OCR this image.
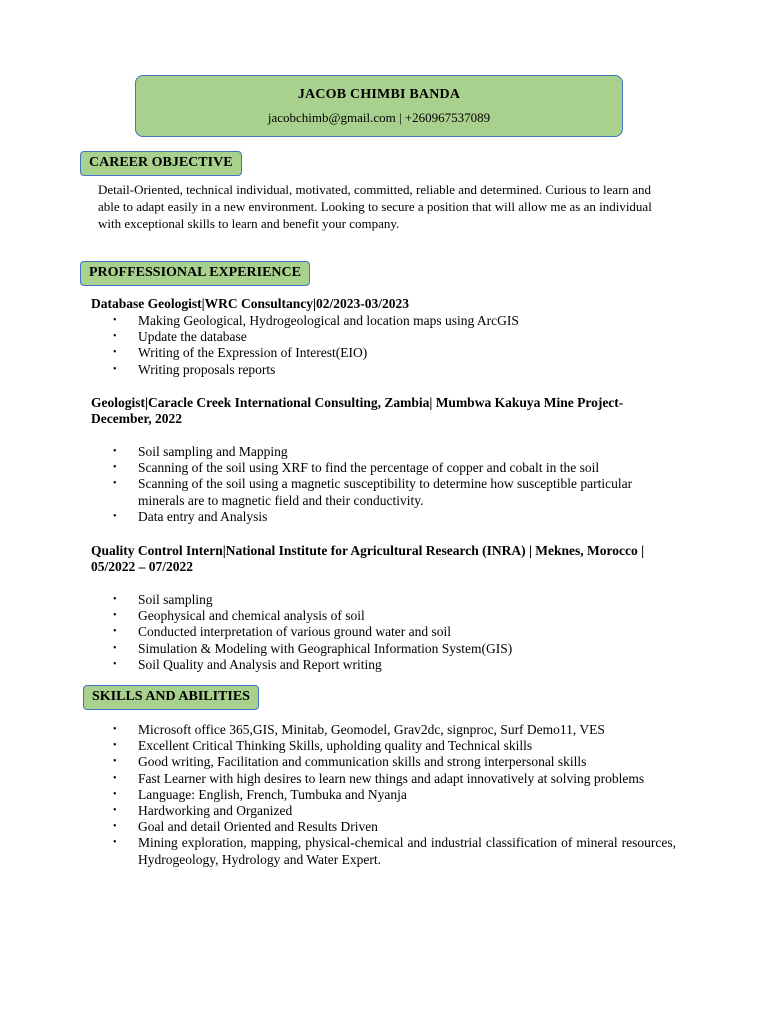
JACOB CHIMBI BANDA
jacobchimb@gmail.com | +260967537089
CAREER OBJECTIVE
Detail-Oriented, technical individual, motivated, committed, reliable and determined. Curious to learn and able to adapt easily in a new environment. Looking to secure a position that will allow me as an individual with exceptional skills to learn and benefit your company.
PROFFESSIONAL EXPERIENCE
Database Geologist|WRC Consultancy|02/2023-03/2023
• Making Geological, Hydrogeological and location maps using ArcGIS
• Update the database
• Writing of the Expression of Interest(EIO)
• Writing proposals reports
Geologist|Caracle Creek International Consulting, Zambia| Mumbwa Kakuya Mine Project-December, 2022
• Soil sampling and Mapping
• Scanning of the soil using XRF to find the percentage of copper and cobalt in the soil
• Scanning of the soil using a magnetic susceptibility to determine how susceptible particular minerals are to magnetic field and their conductivity.
• Data entry and Analysis
Quality Control Intern|National Institute for Agricultural Research (INRA) | Meknes, Morocco | 05/2022 – 07/2022
• Soil sampling
• Geophysical and chemical analysis of soil
• Conducted interpretation of various ground water and soil
• Simulation & Modeling with Geographical Information System(GIS)
• Soil Quality and Analysis and Report writing
SKILLS AND ABILITIES
• Microsoft office 365,GIS, Minitab, Geomodel, Grav2dc, signproc, Surf Demo11, VES
• Excellent Critical Thinking Skills, upholding quality and Technical skills
• Good writing, Facilitation and communication skills and strong interpersonal skills
• Fast Learner with high desires to learn new things and adapt innovatively at solving problems
• Language: English, French, Tumbuka and Nyanja
• Hardworking and Organized
• Goal and detail Oriented and Results Driven
• Mining exploration, mapping, physical-chemical and industrial classification of mineral resources, Hydrogeology, Hydrology and Water Expert.
